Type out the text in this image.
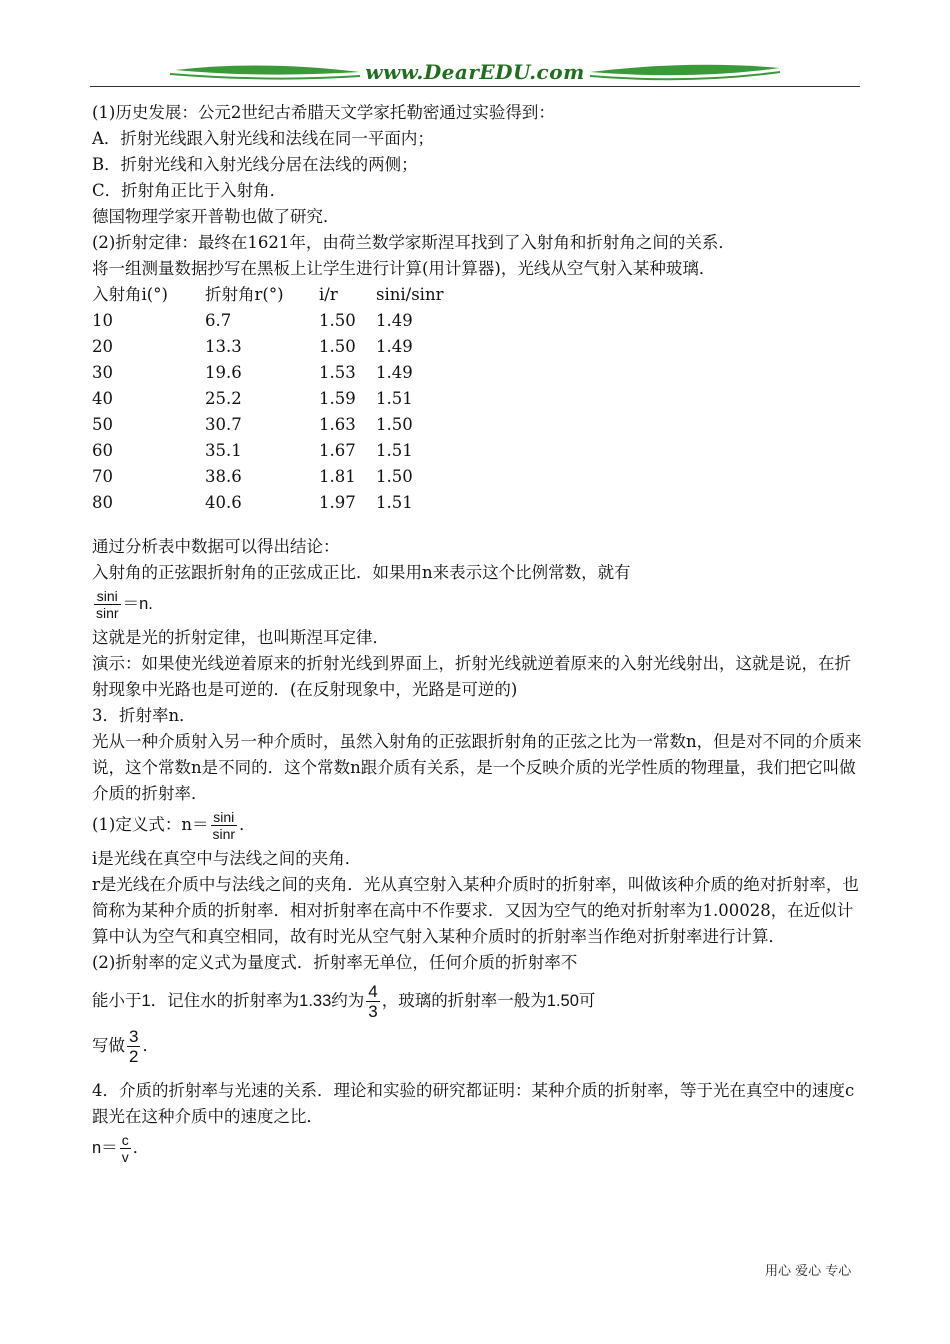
www.DearEDU.com

(1)历史发展：公元2世纪古希腊天文学家托勒密通过实验得到：

A．折射光线跟入射光线和法线在同一平面内；

B．折射光线和入射光线分居在法线的两侧；

C．折射角正比于入射角．

德国物理学家开普勒也做了研究．

(2)折射定律：最终在1621年，由荷兰数学家斯涅耳找到了入射角和折射角之间的关系．

将一组测量数据抄写在黑板上让学生进行计算(用计算器)，光线从空气射入某种玻璃．

入射角i(°)	折射角r(°)	i/r	sini/sinr
10	6.7	1.50	1.49
20	13.3	1.50	1.49
30	19.6	1.53	1.49
40	25.2	1.59	1.51
50	30.7	1.63	1.50
60	35.1	1.67	1.51
70	38.6	1.81	1.50
80	40.6	1.97	1.51

通过分析表中数据可以得出结论：

入射角的正弦跟折射角的正弦成正比．如果用n来表示这个比例常数，就有

$\frac{\sin i}{\sin r} =n$.

这就是光的折射定律，也叫斯涅耳定律．

演示：如果使光线逆着原来的折射光线到界面上，折射光线就逆着原来的入射光线射出，这就是说，在折射现象中光路也是可逆的．(在反射现象中，光路是可逆的)

3．折射率n．

光从一种介质射入另一种介质时，虽然入射角的正弦跟折射角的正弦之比为一常数n，但是对不同的介质来说，这个常数n是不同的．这个常数n跟介质有关系，是一个反映介质的光学性质的物理量，我们把它叫做介质的折射率．

(1)定义式：$n= \frac{\sin i}{\sin r}$ ．

i是光线在真空中与法线之间的夹角．

r是光线在介质中与法线之间的夹角．光从真空射入某种介质时的折射率，叫做该种介质的绝对折射率，也简称为某种介质的折射率．相对折射率在高中不作要求．又因为空气的绝对折射率为1.00028，在近似计算中认为空气和真空相同，故有时光从空气射入某种介质时的折射率当作绝对折射率进行计算．

(2)折射率的定义式为量度式．折射率无单位，任何介质的折射率不

能小于1．记住水的折射率为1.33约为 $\frac{4}{3}$ ，玻璃的折射率一般为1.50可
写做 $\frac{3}{2}$ ．

4．介质的折射率与光速的关系．理论和实验的研究都证明：某种介质的折射率，等于光在真空中的速度c跟光在这种介质中的速度之比．

$n= \frac{c}{v}$ ．
用心 爱心 专心
